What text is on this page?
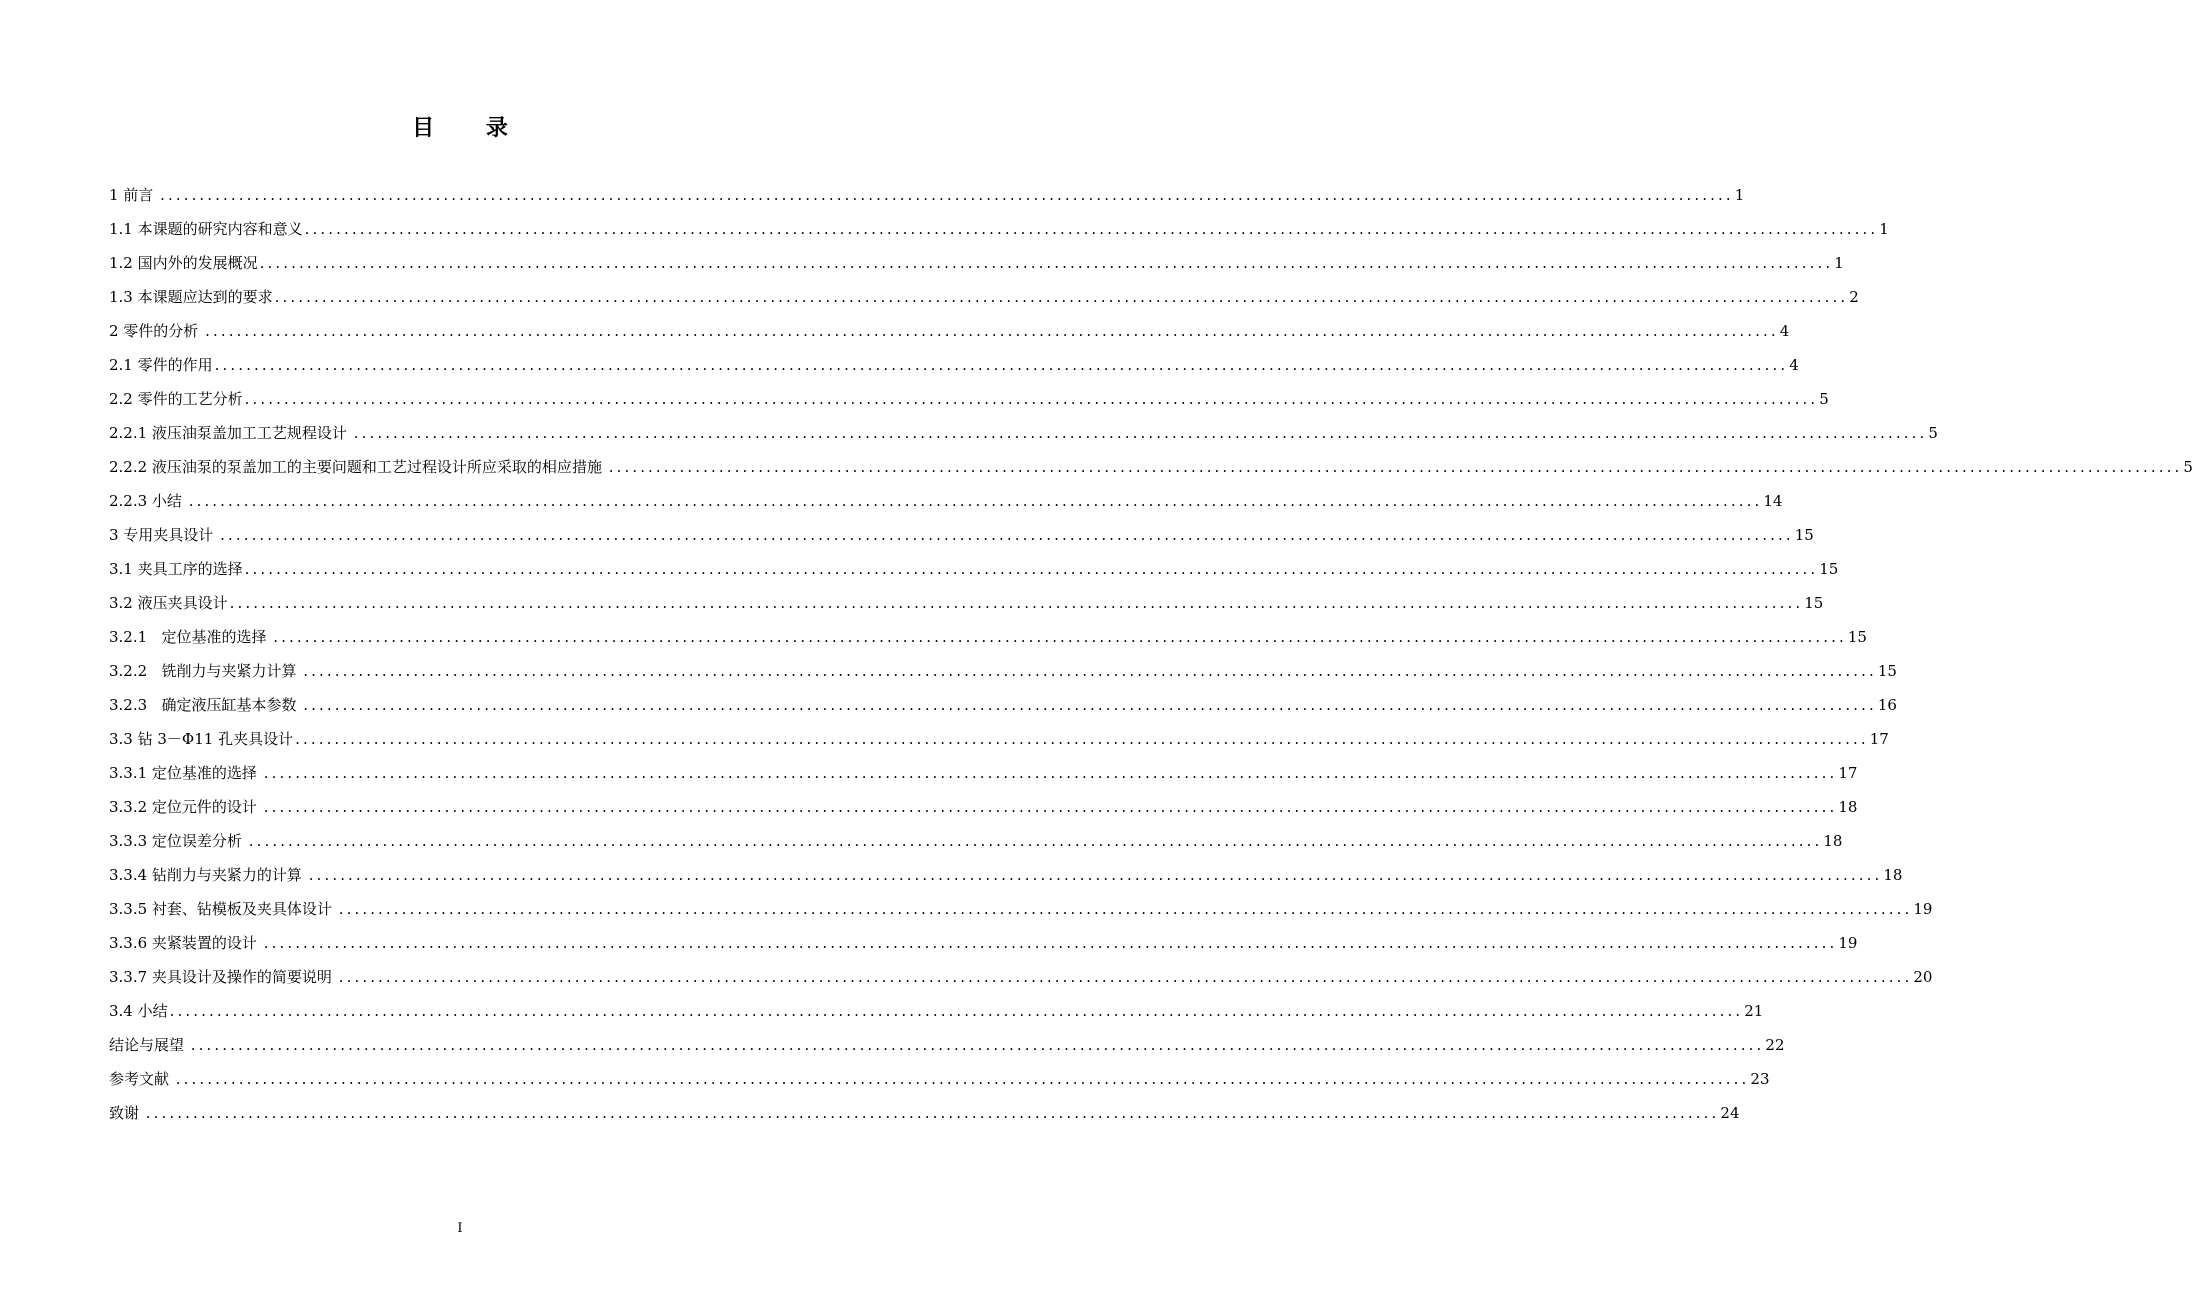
目 录
1 前言 ........................................................................................................................................................................................................ 1
1.1 本课题的研究内容和意义 ........................................................................................................................................................................................................ 1
1.2 国内外的发展概况 ........................................................................................................................................................................................................ 1
1.3 本课题应达到的要求 ........................................................................................................................................................................................................ 2
2 零件的分析 ........................................................................................................................................................................................................ 4
2.1 零件的作用 ........................................................................................................................................................................................................ 4
2.2 零件的工艺分析 ........................................................................................................................................................................................................ 5
2.2.1 液压油泵盖加工工艺规程设计 ........................................................................................................................................................................................................ 5
2.2.2 液压油泵的泵盖加工的主要问题和工艺过程设计所应采取的相应措施 ........................................................................................................................................................................................................ 5
2.2.3 小结 ........................................................................................................................................................................................................ 14
3 专用夹具设计 ........................................................................................................................................................................................................ 15
3.1 夹具工序的选择 ........................................................................................................................................................................................................ 15
3.2 液压夹具设计 ........................................................................................................................................................................................................ 15
3.2.1   定位基准的选择 ........................................................................................................................................................................................................ 15
3.2.2   铣削力与夹紧力计算 ........................................................................................................................................................................................................ 15
3.2.3   确定液压缸基本参数 ........................................................................................................................................................................................................ 16
3.3 钻 3－Φ11 孔夹具设计 ........................................................................................................................................................................................................ 17
3.3.1 定位基准的选择 ........................................................................................................................................................................................................ 17
3.3.2 定位元件的设计 ........................................................................................................................................................................................................ 18
3.3.3 定位误差分析 ........................................................................................................................................................................................................ 18
3.3.4 钻削力与夹紧力的计算 ........................................................................................................................................................................................................ 18
3.3.5 衬套、钻模板及夹具体设计 ........................................................................................................................................................................................................ 19
3.3.6 夹紧装置的设计 ........................................................................................................................................................................................................ 19
3.3.7 夹具设计及操作的简要说明 ........................................................................................................................................................................................................ 20
3.4 小结 ........................................................................................................................................................................................................ 21
结论与展望 ........................................................................................................................................................................................................ 22
参考文献 ........................................................................................................................................................................................................ 23
致谢 ........................................................................................................................................................................................................ 24
I
